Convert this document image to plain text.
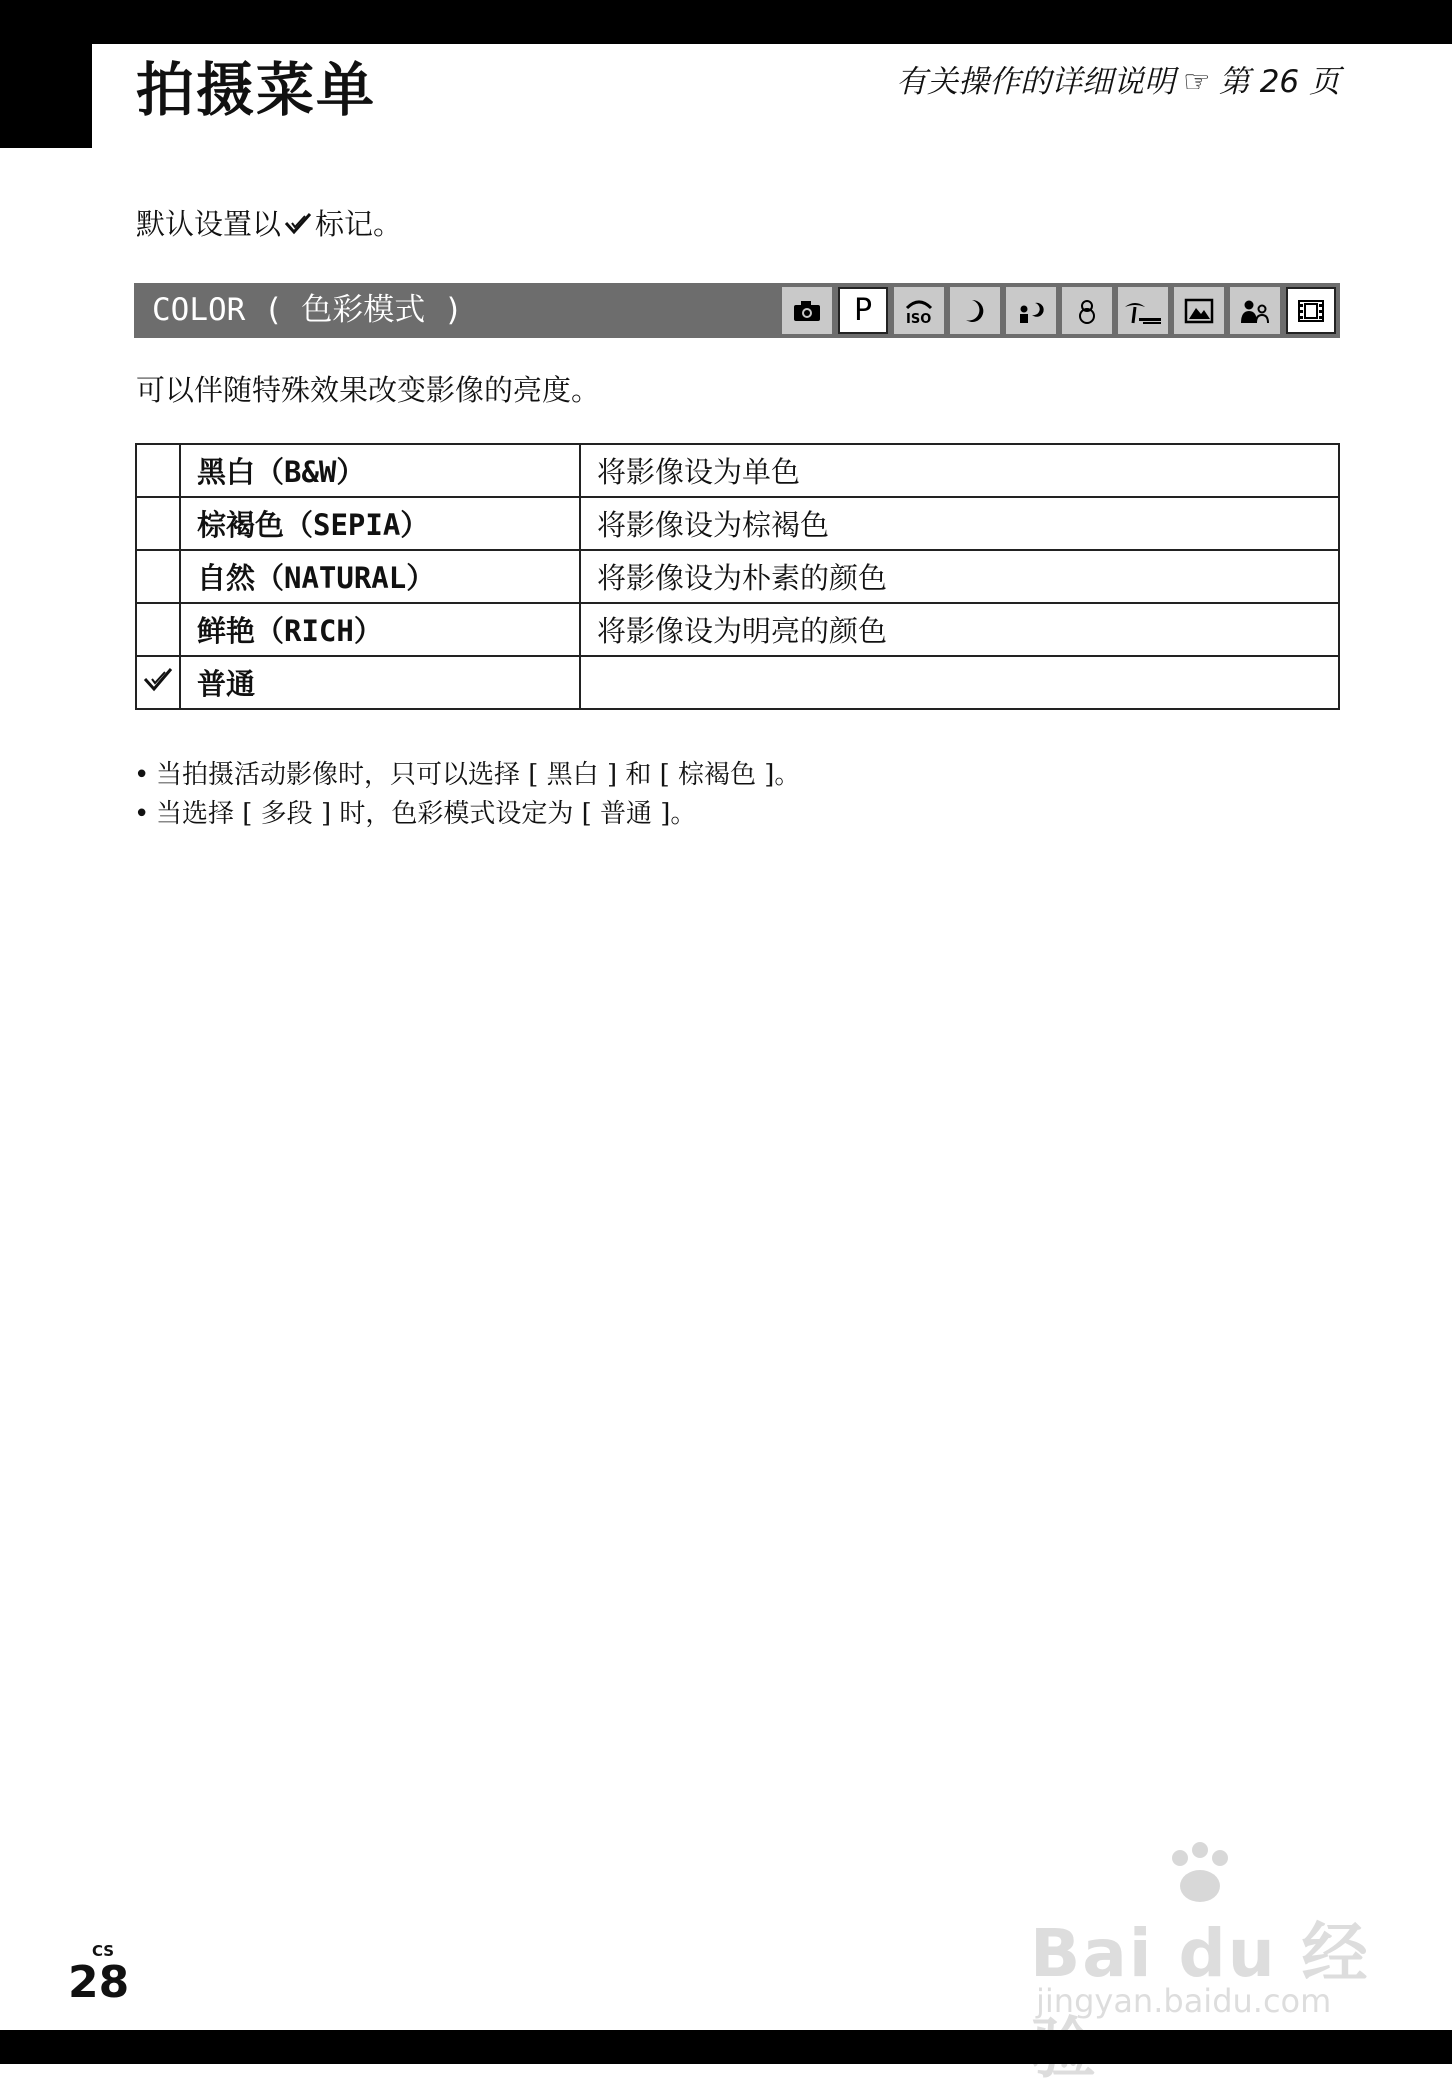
拍摄菜单	有关操作的详细说明 ☞ 第 26 页
默认设置以 标记。
COLOR ( 色彩模式 )	P	ISO
可以伴随特殊效果改变影像的亮度。
	黑白（B&W）	将影像设为单色
	棕褐色（SEPIA）	将影像设为棕褐色
	自然（NATURAL）	将影像设为朴素的颜色
	鲜艳（RICH）	将影像设为明亮的颜色
	普通	
• 当拍摄活动影像时，只可以选择 [ 黑白 ] 和 [ 棕褐色 ]。
• 当选择 [ 多段 ] 时，色彩模式设定为 [ 普通 ]。
Bai du 经
jingyan.baidu.com
CS
28
